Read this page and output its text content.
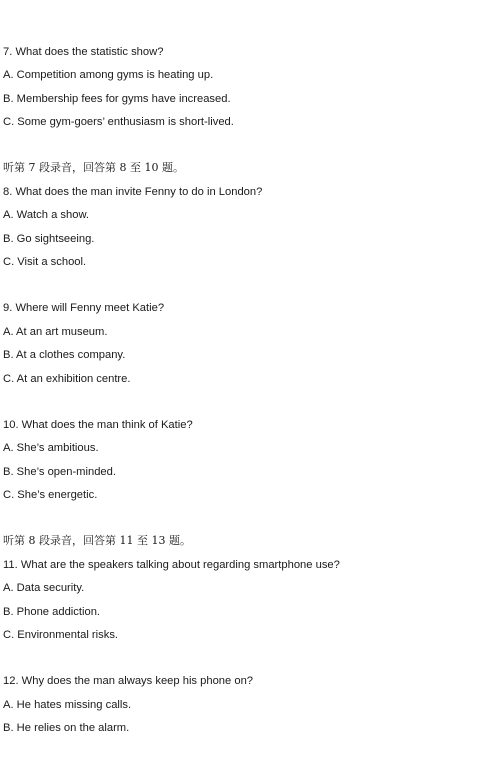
7. What does the statistic show?
A. Competition among gyms is heating up.
B. Membership fees for gyms have increased.
C. Some gym-goers’ enthusiasm is short-lived.
听第 7 段录音，回答第 8 至 10 题。
8. What does the man invite Fenny to do in London?
A. Watch a show.
B. Go sightseeing.
C. Visit a school.
9. Where will Fenny meet Katie?
A. At an art museum.
B. At a clothes company.
C. At an exhibition centre.
10. What does the man think of Katie?
A. She’s ambitious.
B. She’s open-minded.
C. She’s energetic.
听第 8 段录音，回答第 11 至 13 题。
11. What are the speakers talking about regarding smartphone use?
A. Data security.
B. Phone addiction.
C. Environmental risks.
12. Why does the man always keep his phone on?
A. He hates missing calls.
B. He relies on the alarm.
